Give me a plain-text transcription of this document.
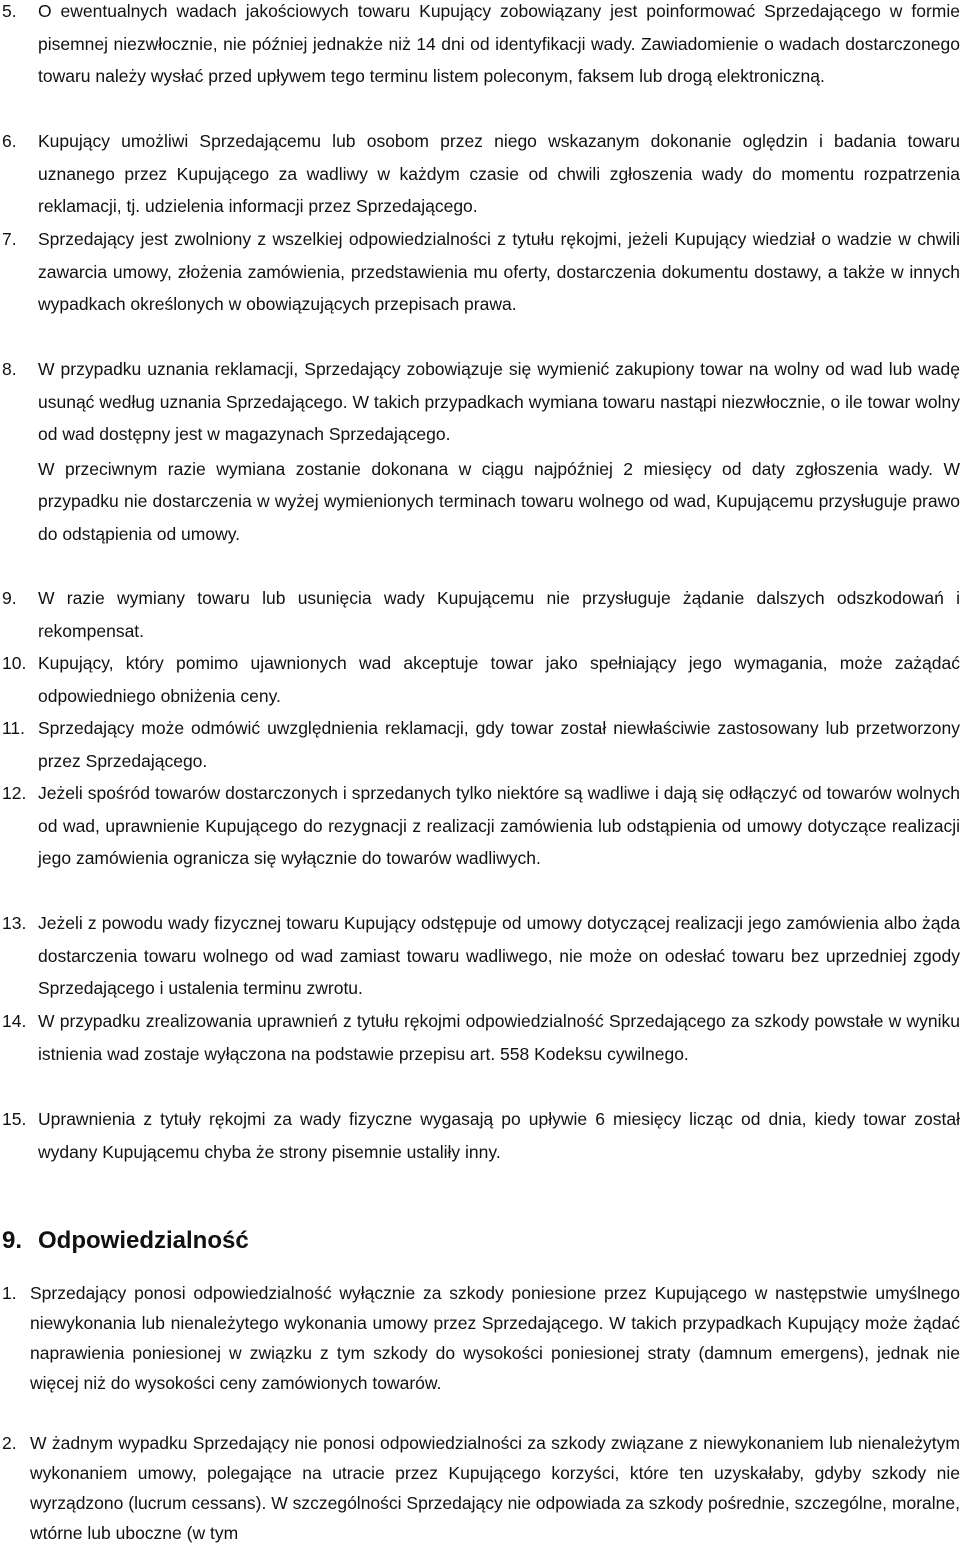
5. O ewentualnych wadach jakościowych towaru Kupujący zobowiązany jest poinformować Sprzedającego w formie pisemnej niezwłocznie, nie później jednakże niż 14 dni od identyfikacji wady. Zawiadomienie o wadach dostarczonego towaru należy wysłać przed upływem tego terminu listem poleconym, faksem lub drogą elektroniczną.

6. Kupujący umożliwi Sprzedającemu lub osobom przez niego wskazanym dokonanie oględzin i badania towaru uznanego przez Kupującego za wadliwy w każdym czasie od chwili zgłoszenia wady do momentu rozpatrzenia reklamacji, tj. udzielenia informacji przez Sprzedającego.

7. Sprzedający jest zwolniony z wszelkiej odpowiedzialności z tytułu rękojmi, jeżeli Kupujący wiedział o wadzie w chwili zawarcia umowy, złożenia zamówienia, przedstawienia mu oferty, dostarczenia dokumentu dostawy, a także w innych wypadkach określonych w obowiązujących przepisach prawa.

8. W przypadku uznania reklamacji, Sprzedający zobowiązuje się wymienić zakupiony towar na wolny od wad lub wadę usunąć według uznania Sprzedającego. W takich przypadkach wymiana towaru nastąpi niezwłocznie, o ile towar wolny od wad dostępny jest w magazynach Sprzedającego.

W przeciwnym razie wymiana zostanie dokonana w ciągu najpóźniej 2 miesięcy od daty zgłoszenia wady. W przypadku nie dostarczenia w wyżej wymienionych terminach towaru wolnego od wad, Kupującemu przysługuje prawo do odstąpienia od umowy.

9. W razie wymiany towaru lub usunięcia wady Kupującemu nie przysługuje żądanie dalszych odszkodowań i rekompensat.

10. Kupujący, który pomimo ujawnionych wad akceptuje towar jako spełniający jego wymagania, może zażądać odpowiedniego obniżenia ceny.

11. Sprzedający może odmówić uwzględnienia reklamacji, gdy towar został niewłaściwie zastosowany lub przetworzony przez Sprzedającego.

12. Jeżeli spośród towarów dostarczonych i sprzedanych tylko niektóre są wadliwe i dają się odłączyć od towarów wolnych od wad, uprawnienie Kupującego do rezygnacji z realizacji zamówienia lub odstąpienia od umowy dotyczące realizacji jego zamówienia ogranicza się wyłącznie do towarów wadliwych.

13. Jeżeli z powodu wady fizycznej towaru Kupujący odstępuje od umowy dotyczącej realizacji jego zamówienia albo żąda dostarczenia towaru wolnego od wad zamiast towaru wadliwego, nie może on odesłać towaru bez uprzedniej zgody Sprzedającego i ustalenia terminu zwrotu.

14. W przypadku zrealizowania uprawnień z tytułu rękojmi odpowiedzialność Sprzedającego za szkody powstałe w wyniku istnienia wad zostaje wyłączona na podstawie przepisu art. 558 Kodeksu cywilnego.

15. Uprawnienia z tytuły rękojmi za wady fizyczne wygasają po upływie 6 miesięcy licząc od dnia, kiedy towar został wydany Kupującemu chyba że strony pisemnie ustaliły inny.

9. Odpowiedzialność
1. Sprzedający ponosi odpowiedzialność wyłącznie za szkody poniesione przez Kupującego w następstwie umyślnego niewykonania lub nienależytego wykonania umowy przez Sprzedającego. W takich przypadkach Kupujący może żądać naprawienia poniesionej w związku z tym szkody do wysokości poniesionej straty (damnum emergens), jednak nie więcej niż do wysokości ceny zamówionych towarów.

2. W żadnym wypadku Sprzedający nie ponosi odpowiedzialności za szkody związane z niewykonaniem lub nienależytym wykonaniem umowy, polegające na utracie przez Kupującego korzyści, które ten uzyskałaby, gdyby szkody nie wyrządzono (lucrum cessans). W szczególności Sprzedający nie odpowiada za szkody pośrednie, szczególne, moralne, wtórne lub uboczne (w tym
